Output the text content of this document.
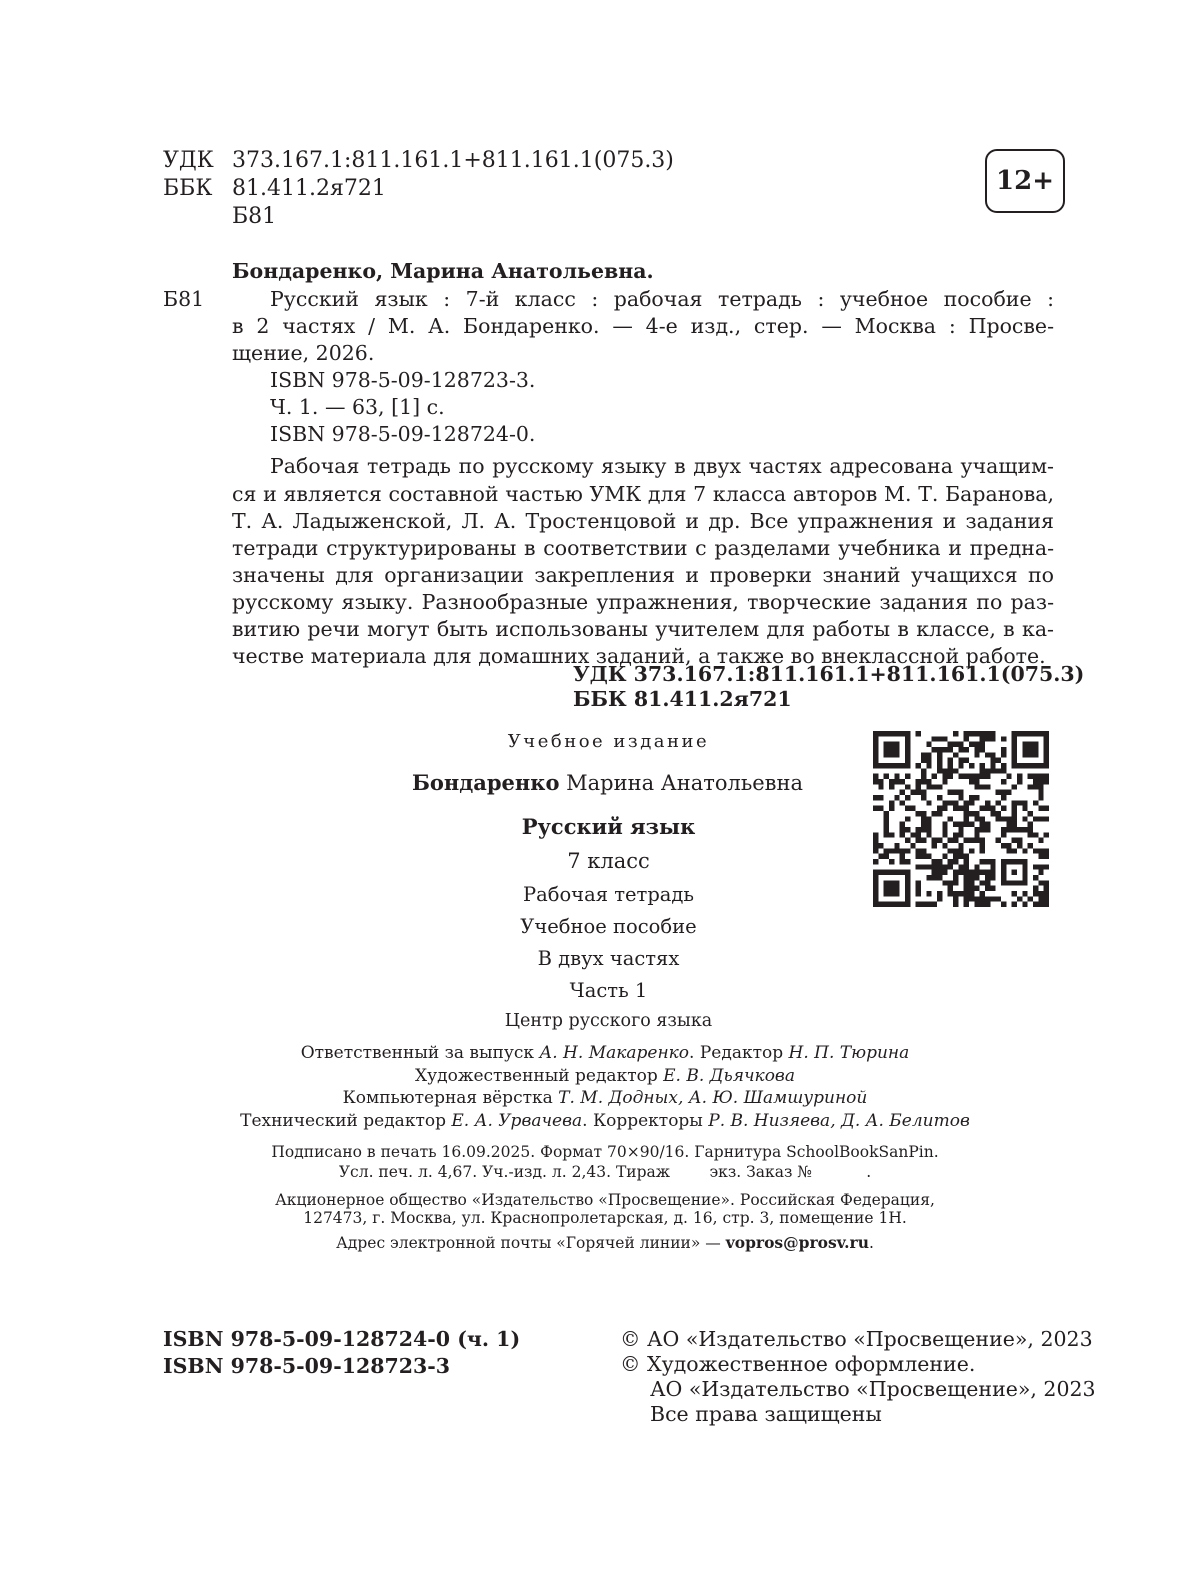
УДК 373.167.1:811.161.1+811.161.1(075.3)
ББК 81.411.2я721
Б81
12+
Бондаренко, Марина Анатольевна.
Б81	Русский язык : 7-й класс : рабочая тетрадь : учебное пособие :
в 2 частях / М. А. Бондаренко. — 4-е изд., стер. — Москва : Просве-
щение, 2026.
ISBN 978-5-09-128723-3.
Ч. 1. — 63, [1] с.
ISBN 978-5-09-128724-0.
Рабочая тетрадь по русскому языку в двух частях адресована учащим-
ся и является составной частью УМК для 7 класса авторов М. Т. Баранова,
Т. А. Ладыженской, Л. А. Тростенцовой и др. Все упражнения и задания
тетради структурированы в соответствии с разделами учебника и предна-
значены для организации закрепления и проверки знаний учащихся по
русскому языку. Разнообразные упражнения, творческие задания по раз-
витию речи могут быть использованы учителем для работы в классе, в ка-
честве материала для домашних заданий, а также во внеклассной работе.
УДК 373.167.1:811.161.1+811.161.1(075.3)
ББК 81.411.2я721
Учебное издание
Бондаренко Марина Анатольевна
Русский язык
7 класс
Рабочая тетрадь
Учебное пособие
В двух частях
Часть 1
Центр русского языка
Ответственный за выпуск А. Н. Макаренко. Редактор Н. П. Тюрина
Художественный редактор Е. В. Дьячкова
Компьютерная вёрстка Т. М. Додных, А. Ю. Шамшуриной
Технический редактор Е. А. Урвачева. Корректоры Р. В. Низяева, Д. А. Белитов
Подписано в печать 16.09.2025. Формат 70×90/16. Гарнитура SchoolBookSanPin.
Усл. печ. л. 4,67. Уч.-изд. л. 2,43. Тираж        экз. Заказ №           .
Акционерное общество «Издательство «Просвещение». Российская Федерация,
127473, г. Москва, ул. Краснопролетарская, д. 16, стр. 3, помещение 1Н.
Адрес электронной почты «Горячей линии» — vopros@prosv.ru.
ISBN 978-5-09-128724-0 (ч. 1)
ISBN 978-5-09-128723-3
© АО «Издательство «Просвещение», 2023
© Художественное оформление.
АО «Издательство «Просвещение», 2023
Все права защищены
